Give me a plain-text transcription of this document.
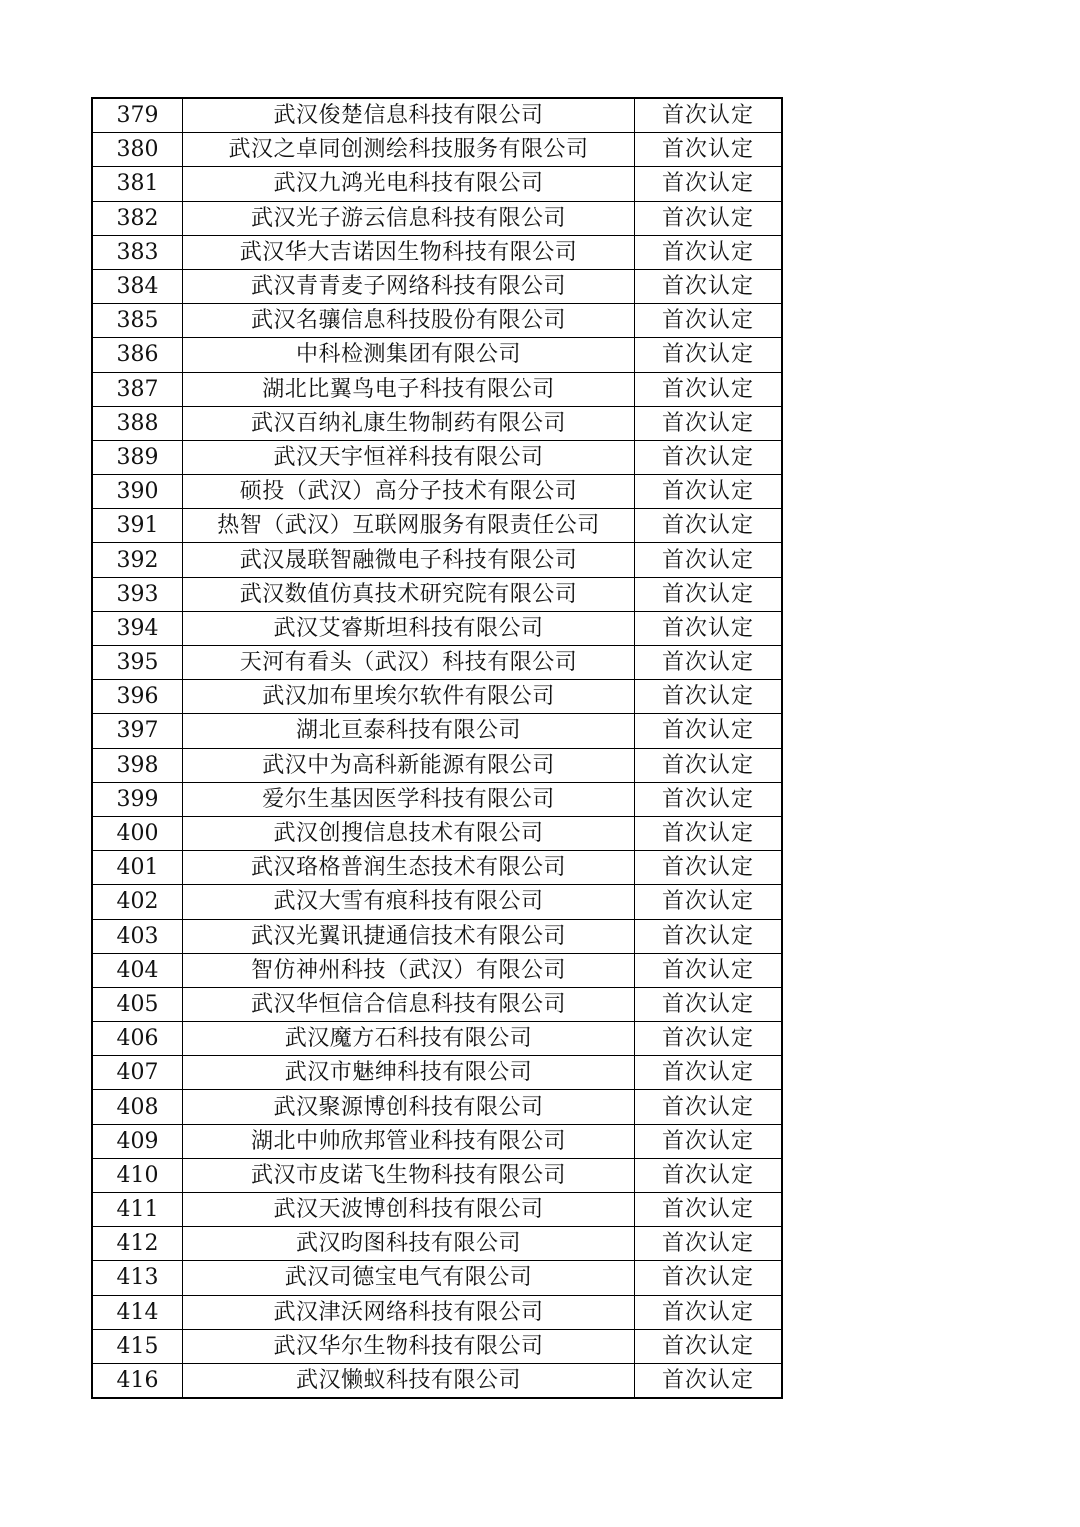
379	武汉俊楚信息科技有限公司	首次认定
380	武汉之卓同创测绘科技服务有限公司	首次认定
381	武汉九鸿光电科技有限公司	首次认定
382	武汉光子游云信息科技有限公司	首次认定
383	武汉华大吉诺因生物科技有限公司	首次认定
384	武汉青青麦子网络科技有限公司	首次认定
385	武汉名骧信息科技股份有限公司	首次认定
386	中科检测集团有限公司	首次认定
387	湖北比翼鸟电子科技有限公司	首次认定
388	武汉百纳礼康生物制药有限公司	首次认定
389	武汉天宇恒祥科技有限公司	首次认定
390	硕投（武汉）高分子技术有限公司	首次认定
391	热智（武汉）互联网服务有限责任公司	首次认定
392	武汉晟联智融微电子科技有限公司	首次认定
393	武汉数值仿真技术研究院有限公司	首次认定
394	武汉艾睿斯坦科技有限公司	首次认定
395	天河有看头（武汉）科技有限公司	首次认定
396	武汉加布里埃尔软件有限公司	首次认定
397	湖北亘泰科技有限公司	首次认定
398	武汉中为高科新能源有限公司	首次认定
399	爱尔生基因医学科技有限公司	首次认定
400	武汉创搜信息技术有限公司	首次认定
401	武汉珞格普润生态技术有限公司	首次认定
402	武汉大雪有痕科技有限公司	首次认定
403	武汉光翼讯捷通信技术有限公司	首次认定
404	智仿神州科技（武汉）有限公司	首次认定
405	武汉华恒信合信息科技有限公司	首次认定
406	武汉魔方石科技有限公司	首次认定
407	武汉市魅绅科技有限公司	首次认定
408	武汉聚源博创科技有限公司	首次认定
409	湖北中帅欣邦管业科技有限公司	首次认定
410	武汉市皮诺飞生物科技有限公司	首次认定
411	武汉天波博创科技有限公司	首次认定
412	武汉昀图科技有限公司	首次认定
413	武汉司德宝电气有限公司	首次认定
414	武汉津沃网络科技有限公司	首次认定
415	武汉华尔生物科技有限公司	首次认定
416	武汉懒蚁科技有限公司	首次认定
